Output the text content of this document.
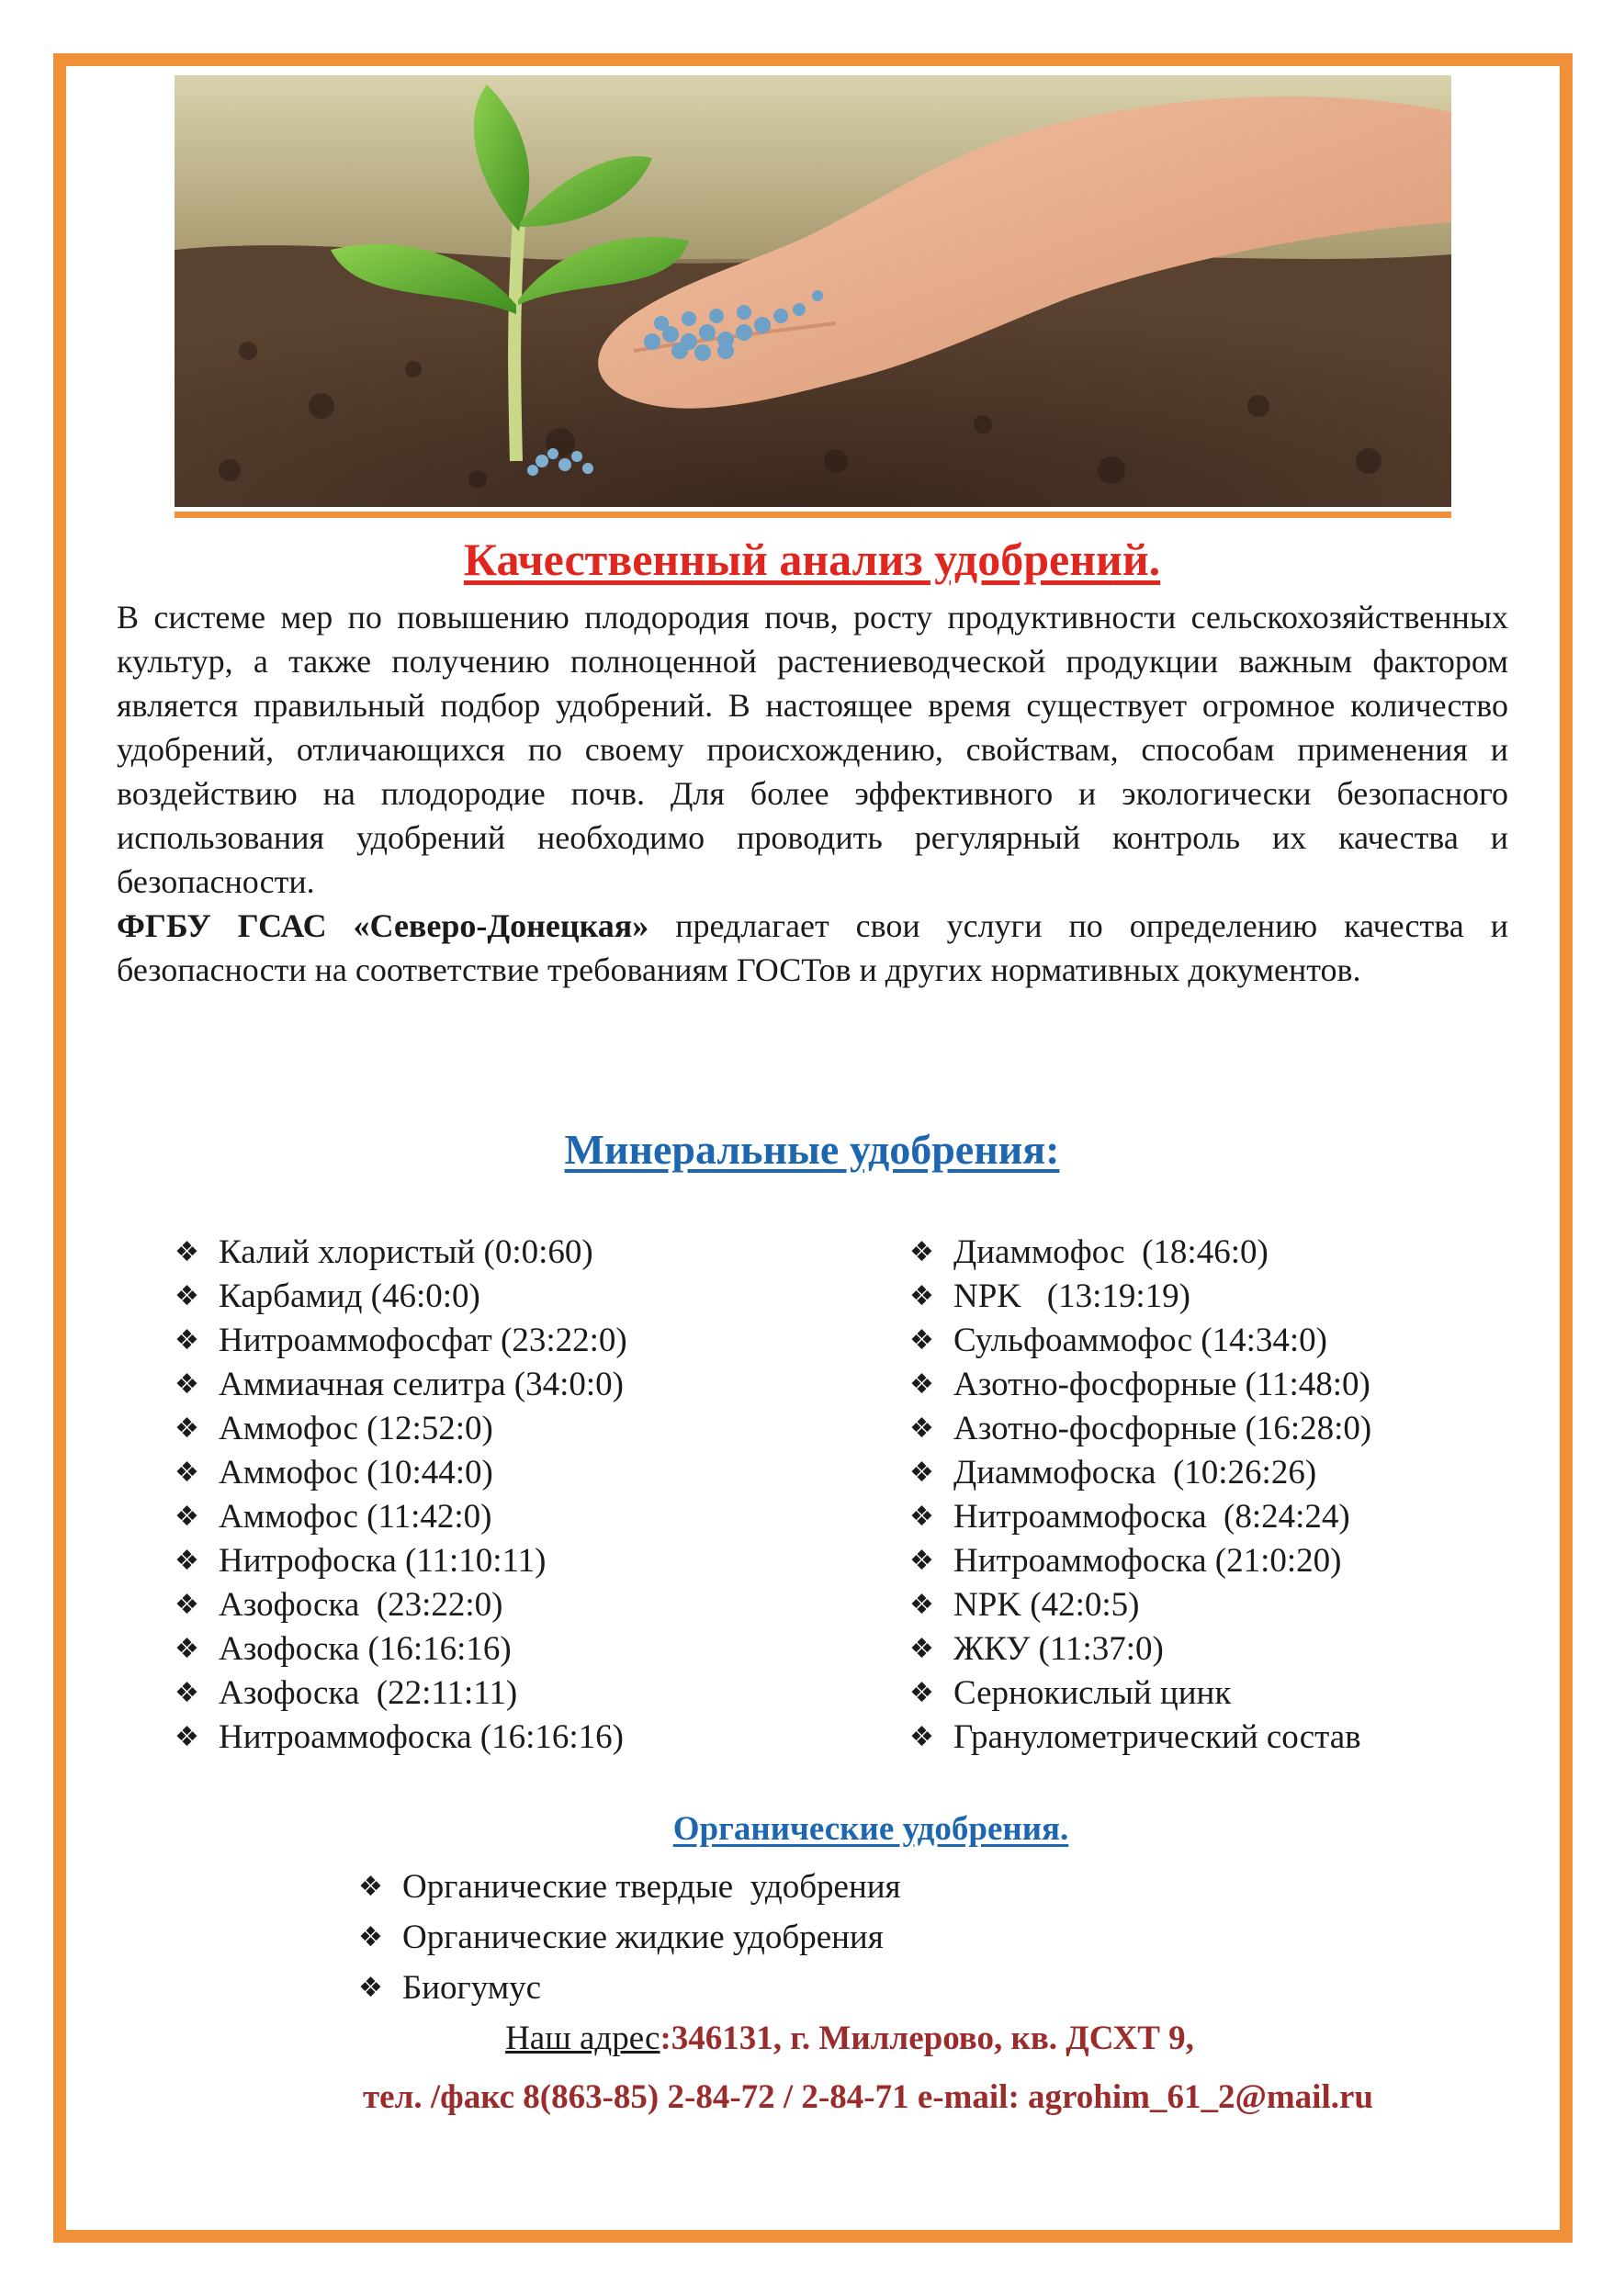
Качественный анализ удобрений.

В системе мер по повышению плодородия почв, росту продуктивности сельскохозяйственных культур, а также получению полноценной растениеводческой продукции важным фактором является правильный подбор удобрений. В настоящее время существует огромное количество удобрений, отличающихся по своему происхождению, свойствам, способам применения и воздействию на плодородие почв. Для более эффективного и экологически безопасного использования удобрений необходимо проводить регулярный контроль их качества и безопасности.

ФГБУ ГСАС «Северо-Донецкая» предлагает свои услуги по определению качества и безопасности на соответствие требованиям ГОСТов и других нормативных документов.

Минеральные удобрения:
❖ Калий хлористый (0:0:60)
❖ Карбамид (46:0:0)
❖ Нитроаммофосфат (23:22:0)
❖ Аммиачная селитра (34:0:0)
❖ Аммофос (12:52:0)
❖ Аммофос (10:44:0)
❖ Аммофос (11:42:0)
❖ Нитрофоска (11:10:11)
❖ Азофоска  (23:22:0)
❖ Азофоска (16:16:16)
❖ Азофоска  (22:11:11)
❖ Нитроаммофоска (16:16:16)
❖ Диаммофос  (18:46:0)
❖ NPK   (13:19:19)
❖ Сульфоаммофос (14:34:0)
❖ Азотно-фосфорные (11:48:0)
❖ Азотно-фосфорные (16:28:0)
❖ Диаммофоска  (10:26:26)
❖ Нитроаммофоска  (8:24:24)
❖ Нитроаммофоска (21:0:20)
❖ NPK (42:0:5)
❖ ЖКУ (11:37:0)
❖ Сернокислый цинк
❖ Гранулометрический состав
Органические удобрения.
❖ Органические твердые  удобрения
❖ Органические жидкие удобрения
❖ Биогумус
Наш адрес:346131, г. Миллерово, кв. ДСХТ 9,
тел. /факс 8(863-85) 2-84-72 / 2-84-71 e-mail: agrohim_61_2@mail.ru
